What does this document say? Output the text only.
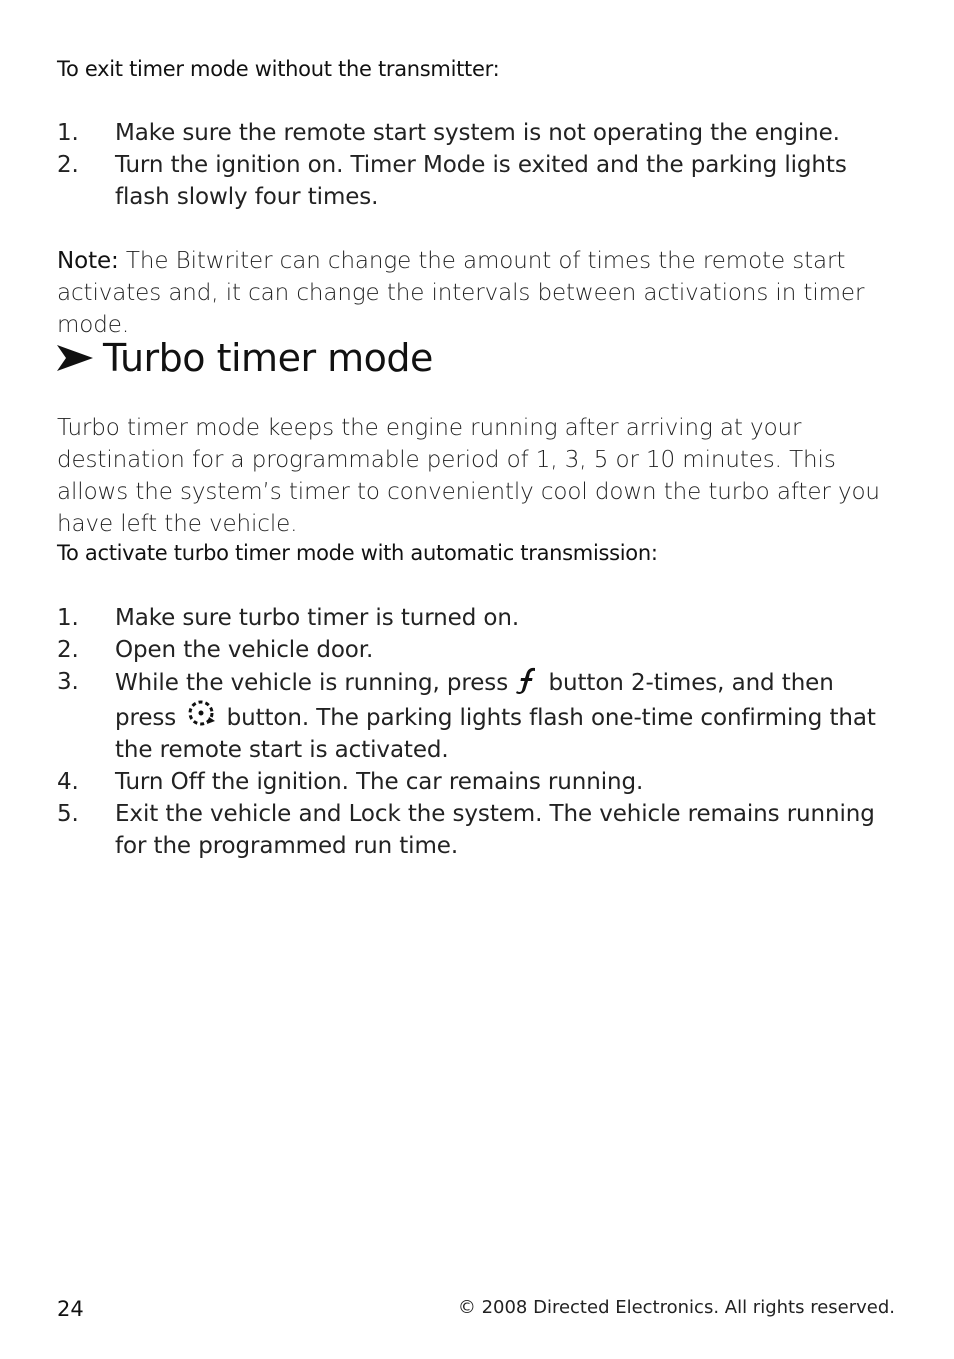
To exit timer mode without the transmitter:
1. Make sure the remote start system is not operating the engine.
2. Turn the ignition on. Timer Mode is exited and the parking lights flash slowly four times.
Note: The Bitwriter can change the amount of times the remote start activates and, it can change the intervals between activations in timer mode.
Turbo timer mode
Turbo timer mode keeps the engine running after arriving at your destination for a programmable period of 1, 3, 5 or 10 minutes. This allows the system’s timer to conveniently cool down the turbo after you have left the vehicle.
To activate turbo timer mode with automatic transmission:
1. Make sure turbo timer is turned on.
2. Open the vehicle door.
3. While the vehicle is running, press button 2-times, and then press button. The parking lights flash one-time confirming that the remote start is activated.
4. Turn Off the ignition. The car remains running.
5. Exit the vehicle and Lock the system. The vehicle remains running for the programmed run time.
24	© 2008 Directed Electronics. All rights reserved.
